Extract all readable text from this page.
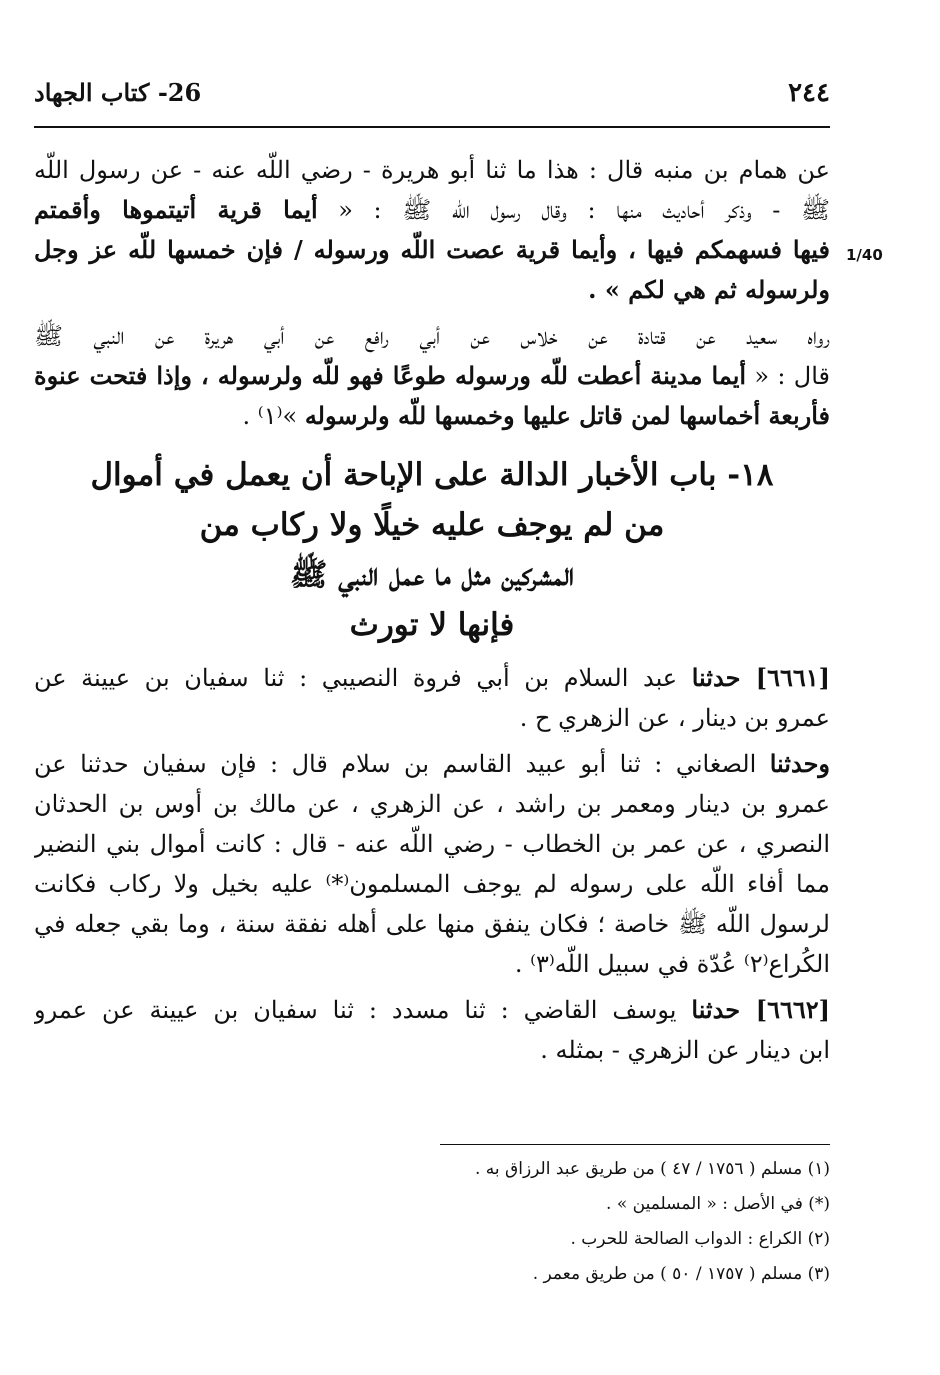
٢٤٤
26- كتاب الجهاد
1/40
عن همام بن منبه قال : هذا ما ثنا أبو هريرة - رضي اللّه عنه - عن رسول اللّه
ﷺ - وذكر أحاديث منها : وقال رسول اللّه ﷺ : « أيما قرية أتيتموها وأقمتم
فيها فسهمكم فيها ، وأيما قرية عصت اللّه ورسوله / فإن خمسها للّه عز وجل
ولرسوله ثم هي لكم » .
رواه سعيد عن قتادة عن خلاس عن أبي رافع عن أبي هريرة عن النبي ﷺ
قال : « أيما مدينة أعطت للّه ورسوله طوعًا فهو للّه ولرسوله ، وإذا فتحت عنوة
فأربعة أخماسها لمن قاتل عليها وخمسها للّه ولرسوله »⁽١⁾ .
١٨- باب الأخبار الدالة على الإباحة أن يعمل في أموال
من لم يوجف عليه خيلًا ولا ركاب من
المشركين مثل ما عمل النبي ﷺ
فإنها لا تورث
[٦٦٦١] حدثنا عبد السلام بن أبي فروة النصيبي : ثنا سفيان بن عيينة عن
عمرو بن دينار ، عن الزهري ح .
وحدثنا الصغاني : ثنا أبو عبيد القاسم بن سلام قال : فإن سفيان حدثنا عن
عمرو بن دينار ومعمر بن راشد ، عن الزهري ، عن مالك بن أوس بن الحدثان
النصري ، عن عمر بن الخطاب - رضي اللّه عنه - قال : كانت أموال بني النضير
مما أفاء اللّه على رسوله لم يوجف المسلمون⁽*⁾ عليه بخيل ولا ركاب فكانت
لرسول اللّه ﷺ خاصة ؛ فكان ينفق منها على أهله نفقة سنة ، وما بقي جعله في
الكُراع⁽٢⁾ عُدّة في سبيل اللّه⁽٣⁾ .
[٦٦٦٢] حدثنا يوسف القاضي : ثنا مسدد : ثنا سفيان بن عيينة عن عمرو
ابن دينار عن الزهري - بمثله .
(١) مسلم ( ١٧٥٦ / ٤٧ ) من طريق عبد الرزاق به .
(*) في الأصل : « المسلمين » .
(٢) الكراع : الدواب الصالحة للحرب .
(٣) مسلم ( ١٧٥٧ / ٥٠ ) من طريق معمر .
